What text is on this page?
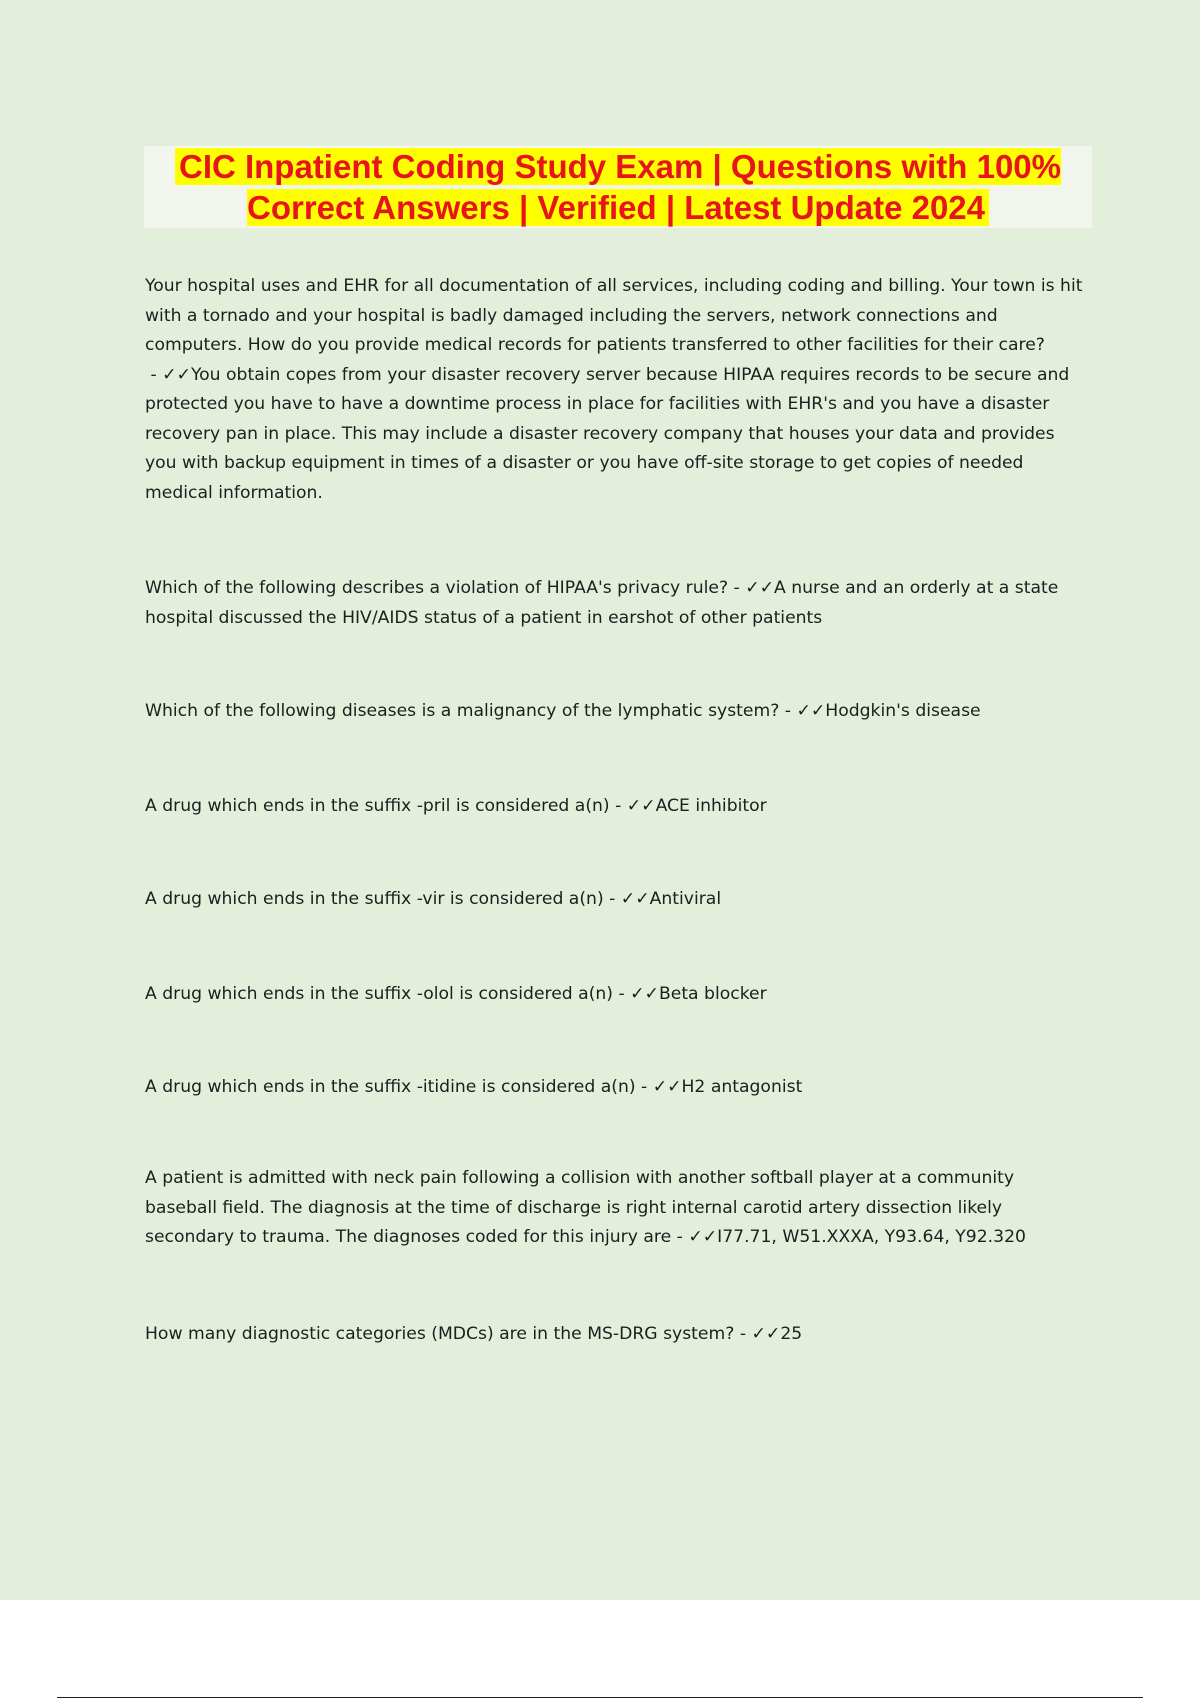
CIC Inpatient Coding Study Exam | Questions with 100% Correct Answers | Verified | Latest Update 2024

Your hospital uses and EHR for all documentation of all services, including coding and billing. Your town is hit with a tornado and your hospital is badly damaged including the servers, network connections and computers. How do you provide medical records for patients transferred to other facilities for their care? - ✓✓You obtain copes from your disaster recovery server because HIPAA requires records to be secure and protected you have to have a downtime process in place for facilities with EHR's and you have a disaster recovery pan in place. This may include a disaster recovery company that houses your data and provides you with backup equipment in times of a disaster or you have off-site storage to get copies of needed medical information.

Which of the following describes a violation of HIPAA's privacy rule? - ✓✓A nurse and an orderly at a state hospital discussed the HIV/AIDS status of a patient in earshot of other patients

Which of the following diseases is a malignancy of the lymphatic system? - ✓✓Hodgkin's disease

A drug which ends in the suffix -pril is considered a(n) - ✓✓ACE inhibitor

A drug which ends in the suffix -vir is considered a(n) - ✓✓Antiviral

A drug which ends in the suffix -olol is considered a(n) - ✓✓Beta blocker

A drug which ends in the suffix -itidine is considered a(n) - ✓✓H2 antagonist

A patient is admitted with neck pain following a collision with another softball player at a community baseball field. The diagnosis at the time of discharge is right internal carotid artery dissection likely secondary to trauma. The diagnoses coded for this injury are - ✓✓I77.71, W51.XXXA, Y93.64, Y92.320

How many diagnostic categories (MDCs) are in the MS-DRG system? - ✓✓25
